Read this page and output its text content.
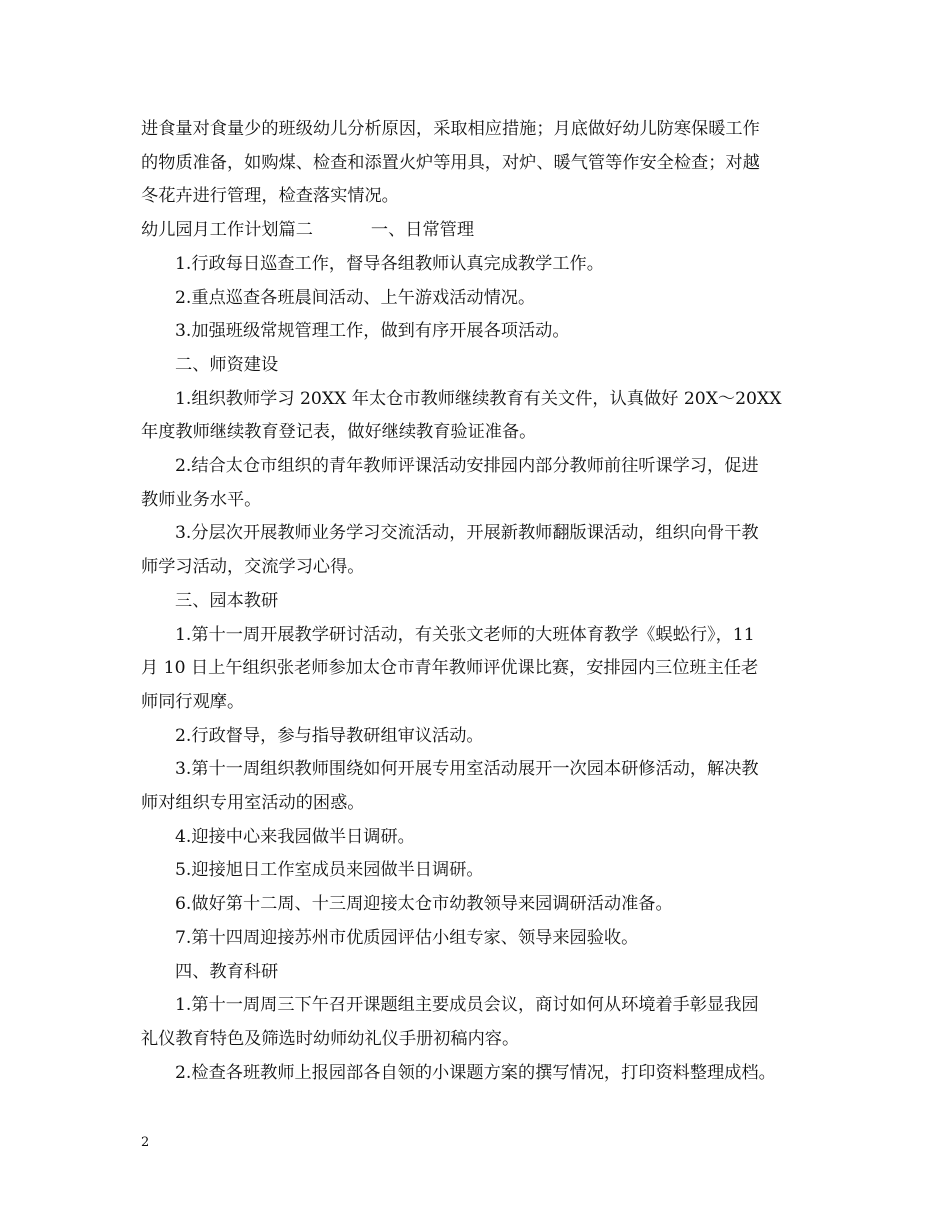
进食量对食量少的班级幼儿分析原因，采取相应措施；月底做好幼儿防寒保暖工作

的物质准备，如购煤、检查和添置火炉等用具，对炉、暖气管等作安全检查；对越

冬花卉进行管理，检查落实情况。

幼儿园月工作计划篇二	一、日常管理

1.行政每日巡查工作，督导各组教师认真完成教学工作。

2.重点巡查各班晨间活动、上午游戏活动情况。

3.加强班级常规管理工作，做到有序开展各项活动。

二、师资建设

1.组织教师学习 20XX 年太仓市教师继续教育有关文件，认真做好 20X～20XX

年度教师继续教育登记表，做好继续教育验证准备。

2.结合太仓市组织的青年教师评课活动安排园内部分教师前往听课学习，促进

教师业务水平。

3.分层次开展教师业务学习交流活动，开展新教师翻版课活动，组织向骨干教

师学习活动，交流学习心得。

三、园本教研

1.第十一周开展教学研讨活动，有关张文老师的大班体育教学《蜈蚣行》，11

月 10 日上午组织张老师参加太仓市青年教师评优课比赛，安排园内三位班主任老

师同行观摩。

2.行政督导，参与指导教研组审议活动。

3.第十一周组织教师围绕如何开展专用室活动展开一次园本研修活动，解决教

师对组织专用室活动的困惑。

4.迎接中心来我园做半日调研。

5.迎接旭日工作室成员来园做半日调研。

6.做好第十二周、十三周迎接太仓市幼教领导来园调研活动准备。

7.第十四周迎接苏州市优质园评估小组专家、领导来园验收。

四、教育科研

1.第十一周周三下午召开课题组主要成员会议，商讨如何从环境着手彰显我园

礼仪教育特色及筛选时幼师幼礼仪手册初稿内容。

2.检查各班教师上报园部各自领的小课题方案的撰写情况，打印资料整理成档。

2
